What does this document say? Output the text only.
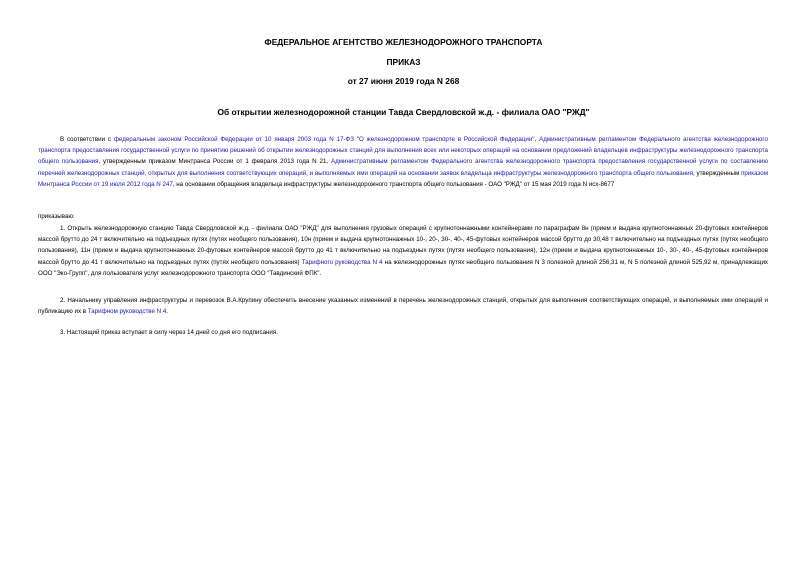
ФЕДЕРАЛЬНОЕ АГЕНТСТВО ЖЕЛЕЗНОДОРОЖНОГО ТРАНСПОРТА
ПРИКАЗ
от 27 июня 2019 года N 268
Об открытии железнодорожной станции Тавда Свердловской ж.д. - филиала ОАО "РЖД"
В соответствии с федеральным законом Российской Федерации от 10 января 2003 года N 17-ФЗ "О железнодорожном транспорте в Российской Федерации", Административным регламентом Федерального агентства железнодорожного транспорта предоставления государственной услуги по принятию решений об открытии железнодорожных станций для выполнения всех или некоторых операций на основании предложений владельцев инфраструктуры железнодорожного транспорта общего пользования, утвержденным приказом Минтранса России от 1 февраля 2013 года N 21, Административным регламентом Федерального агентства железнодорожного транспорта предоставления государственной услуги по составлению перечней железнодорожных станций, открытых для выполнения соответствующих операций, и выполняемых ими операций на основании заявок владельца инфраструктуры железнодорожного транспорта общего пользования, утвержденным приказом Минтранса России от 19 июля 2012 года N 247, на основании обращения владельца инфраструктуры железнодорожного транспорта общего пользования - ОАО "РЖД" от 15 мая 2019 года N исх-8677
приказываю:
1. Открыть железнодорожную станцию Тавда Свердловской ж.д. - филиала ОАО "РЖД" для выполнения грузовых операций с крупнотоннажными контейнерами по параграфам 8н (прием и выдача крупнотоннажных 20-футовых контейнеров массой брутто до 24 т включительно на подъездных путях (путях необщего пользования), 10н (прием и выдача крупнотоннажных 10-, 20-, 30-, 40-, 45-футовых контейнеров массой брутто до 30,48 т включительно на подъездных путях (путях необщего пользования), 11н (прием и выдача крупнотоннажных 20-футовых контейнеров массой брутто до 41 т включительно на подъездных путях (путях необщего пользования), 12н (прием и выдача крупнотоннажных 10-, 30-, 40-, 45-футовых контейнеров массой брутто до 41 т включительно на подъездных путях (путях необщего пользования) Тарифного руководства N 4 на железнодорожных путях необщего пользования N 3 полезной длиной 256,31 м, N 5 полезной длиной 525,92 м, принадлежащих ООО "Эко-Групп", для пользователя услуг железнодорожного транспорта ООО "Тавдинский ФПК".
2. Начальнику управления инфраструктуры и перевозок В.А.Крупину обеспечить внесение указанных изменений в перечень железнодорожных станций, открытых для выполнения соответствующих операций, и выполняемых ими операций и публикацию их в Тарифном руководстве N 4.
3. Настоящий приказ вступает в силу через 14 дней со дня его подписания.
